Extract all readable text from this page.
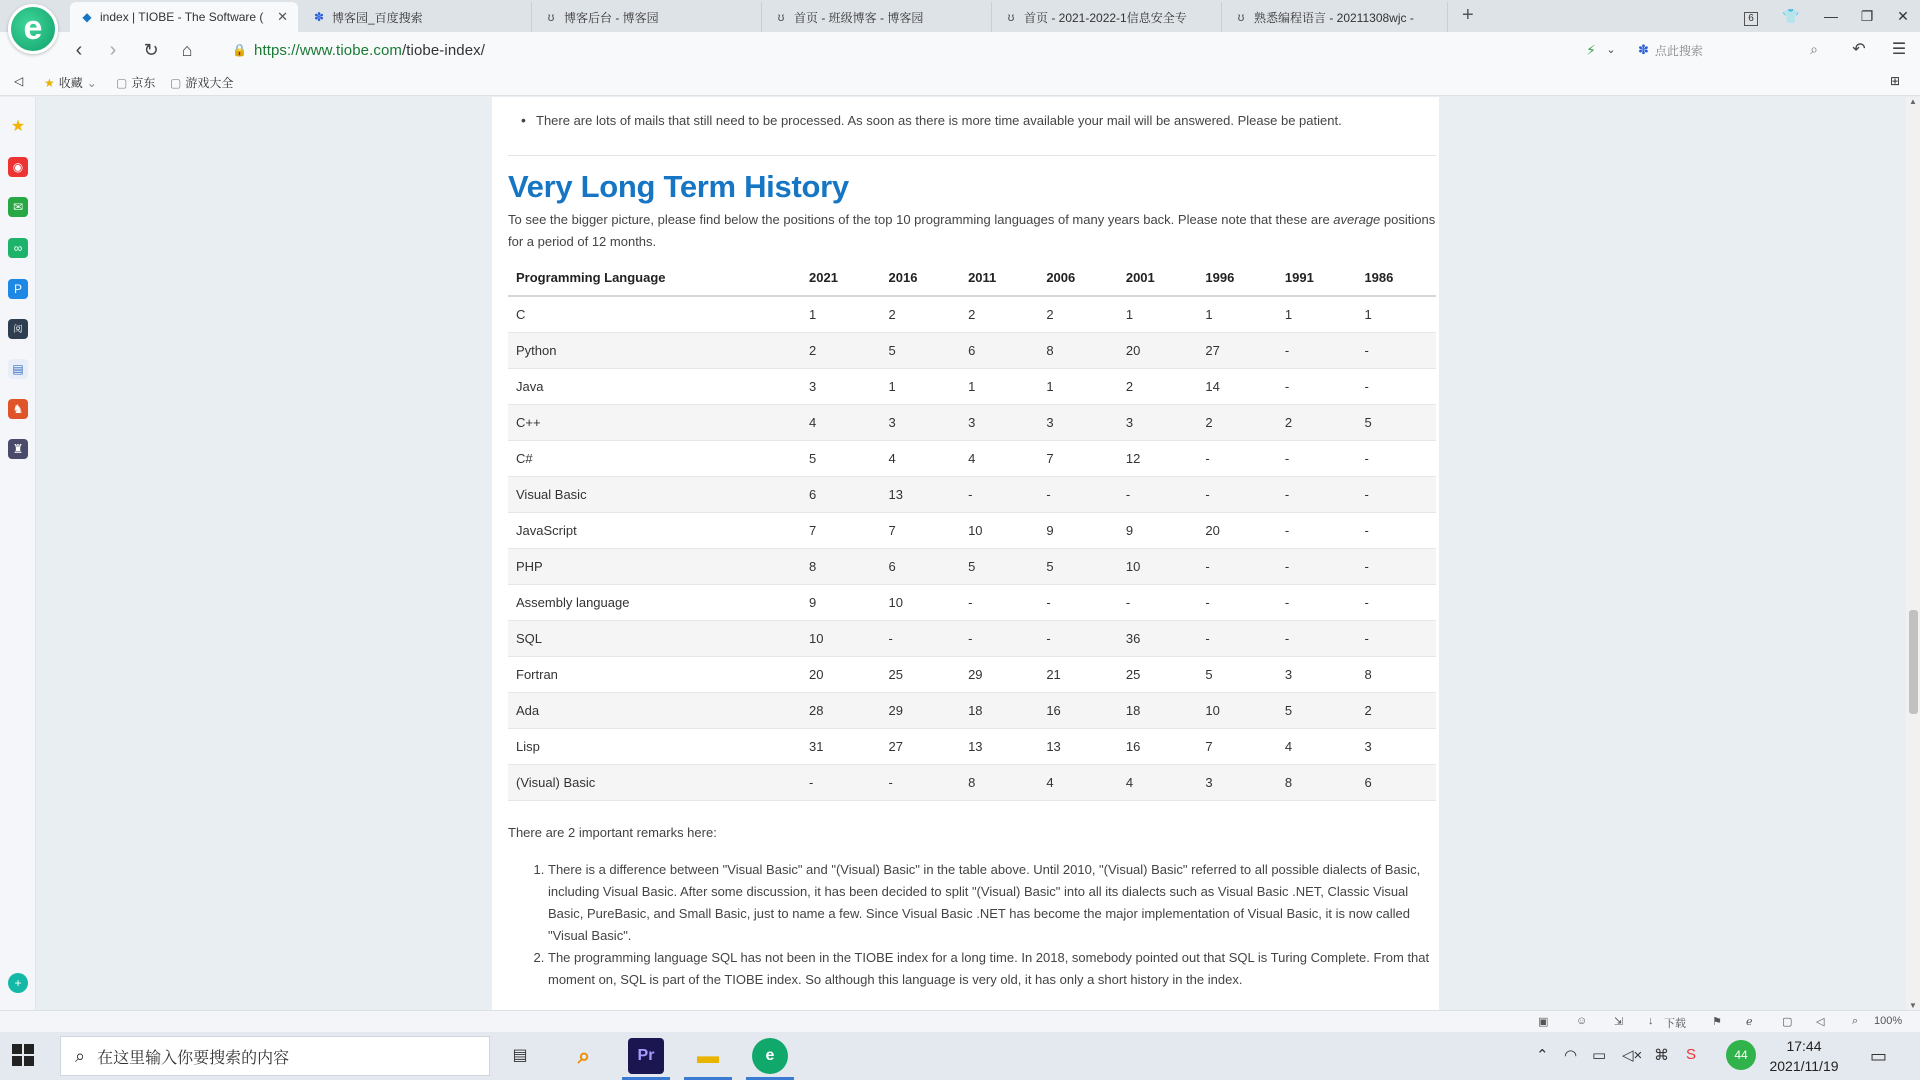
e	◆ index | TIOBE - The Software (	✕ ✽ 博客园_百度搜索	ʊ 博客后台 - 博客园	ʊ 首页 - 班级博客 - 博客园	ʊ 首页 - 2021-2022-1信息安全专	ʊ 熟悉编程语言 - 20211308wjc -	+	6	👕	—	❐	✕
‹	›	↻	⌂	🔒 https://www.tiobe.com/tiobe-index/	⚡ ⌄	✽ 点此搜索	⌕	↶	☰
◁ ★ 收藏 ⌄ ▢ 京东 ▢ 游戏大全	⊞
★
◉
✉
∞
P
阅
▤
♞
♜
+
• There are lots of mails that still need to be processed. As soon as there is more time available your mail will be answered. Please be patient.
Very Long Term History

To see the bigger picture, please find below the positions of the top 10 programming languages of many years back. Please note that these are average positions for a period of 12 months.

Programming Language	2021	2016	2011	2006	2001	1996	1991	1986
C	1	2	2	2	1	1	1	1
Python	2	5	6	8	20	27	-	-
Java	3	1	1	1	2	14	-	-
C++	4	3	3	3	3	2	2	5
C#	5	4	4	7	12	-	-	-
Visual Basic	6	13	-	-	-	-	-	-
JavaScript	7	7	10	9	9	20	-	-
PHP	8	6	5	5	10	-	-	-
Assembly language	9	10	-	-	-	-	-	-
SQL	10	-	-	-	36	-	-	-
Fortran	20	25	29	21	25	5	3	8
Ada	28	29	18	16	18	10	5	2
Lisp	31	27	13	13	16	7	4	3
(Visual) Basic	-	-	8	4	4	3	8	6

There are 2 important remarks here:

1. There is a difference between "Visual Basic" and "(Visual) Basic" in the table above. Until 2010, "(Visual) Basic" referred to all possible dialects of Basic, including Visual Basic. After some discussion, it has been decided to split "(Visual) Basic" into all its dialects such as Visual Basic .NET, Classic Visual Basic, PureBasic, and Small Basic, just to name a few. Since Visual Basic .NET has become the major implementation of Visual Basic, it is now called "Visual Basic".
2. The programming language SQL has not been in the TIOBE index for a long time. In 2018, somebody pointed out that SQL is Turing Complete. From that moment on, SQL is part of the TIOBE index. So although this language is very old, it has only a short history in the index.
▲
▼
▣	☺ ⇲ ↓ 下载 ⚑ ℯ	▢ ◁	⌕ 100%
⌕ 在这里输入你要搜索的内容	▤	⌕	Pr	▬	e	⌃ ◠ ▭ ◁× ⌘ S	44
17:44
2021/11/19	▭
